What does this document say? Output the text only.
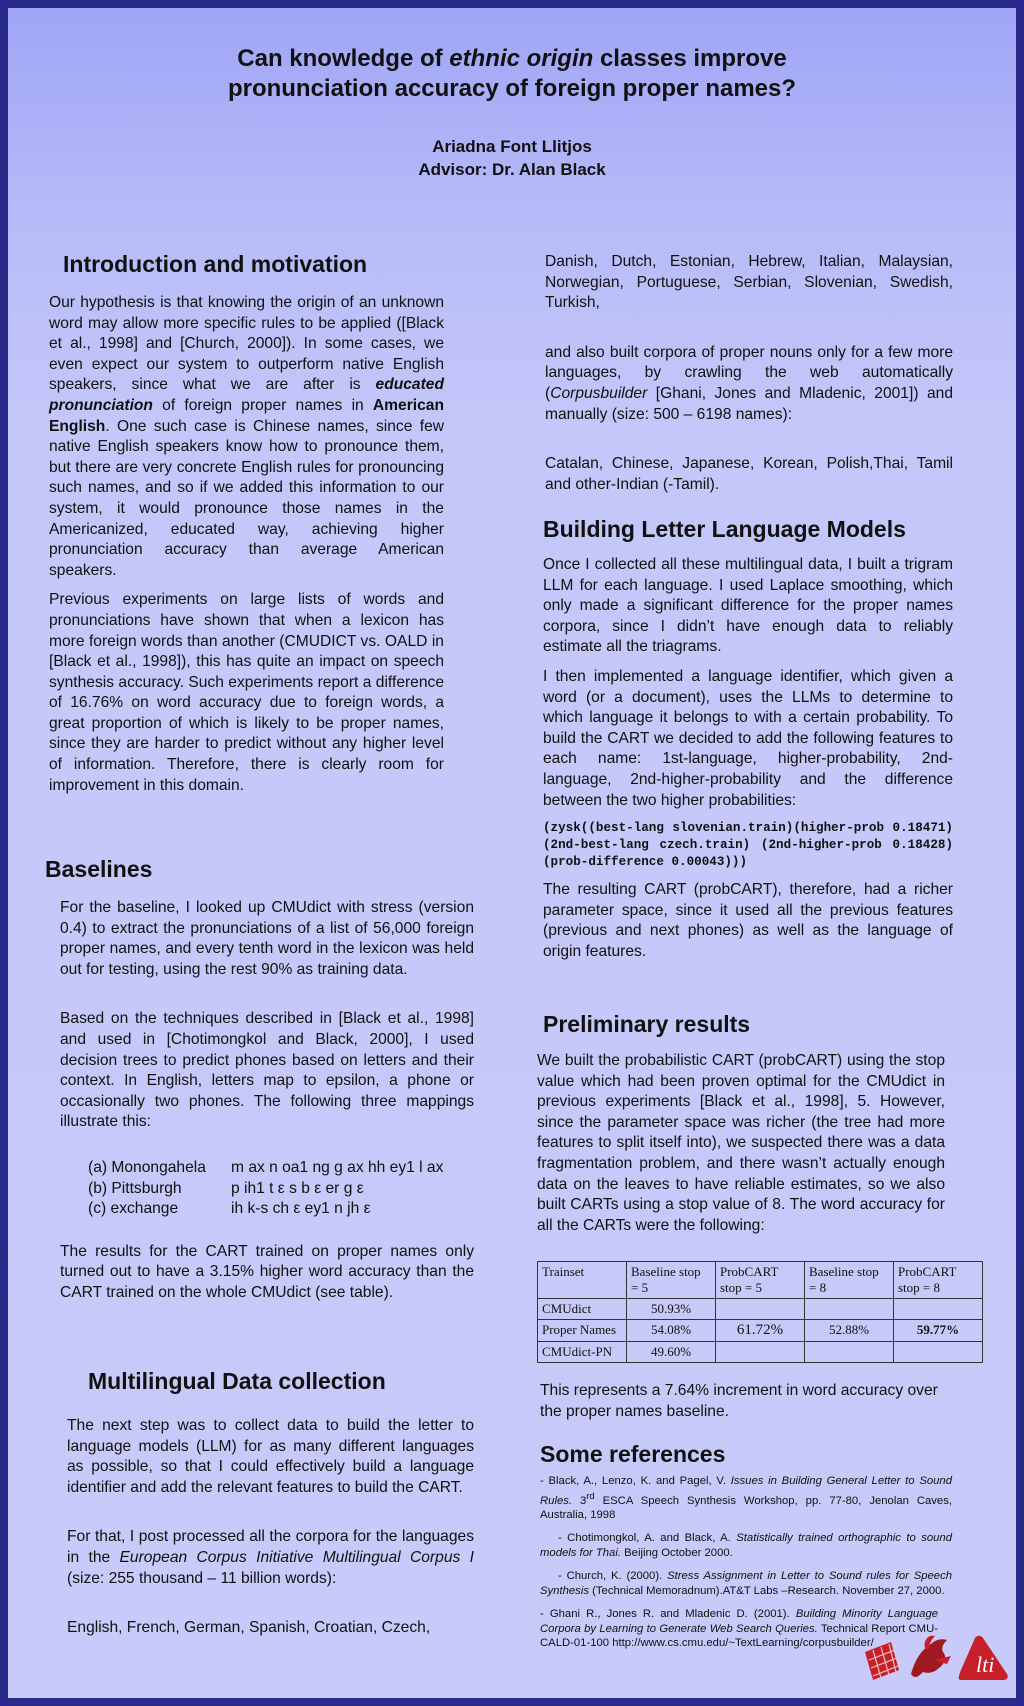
Can knowledge of ethnic origin classes improve
pronunciation accuracy of foreign proper names?
Ariadna Font Llitjos
Advisor: Dr. Alan Black
Introduction and motivation

Our hypothesis is that knowing the origin of an unknown word may allow more specific rules to be applied ([Black et al., 1998] and [Church, 2000]). In some cases, we even expect our system to outperform native English speakers, since what we are after is educated pronunciation of foreign proper names in American English. One such case is Chinese names, since few native English speakers know how to pronounce them, but there are very concrete English rules for pronouncing such names, and so if we added this information to our system, it would pronounce those names in the Americanized, educated way, achieving higher pronunciation accuracy than average American speakers.

Previous experiments on large lists of words and pronunciations have shown that when a lexicon has more foreign words than another (CMUDICT vs. OALD in [Black et al., 1998]), this has quite an impact on speech synthesis accuracy. Such experiments report a difference of 16.76% on word accuracy due to foreign words, a great proportion of which is likely to be proper names, since they are harder to predict without any higher level of information. Therefore, there is clearly room for improvement in this domain.

Baselines

For the baseline, I looked up CMUdict with stress (version 0.4) to extract the pronunciations of a list of 56,000 foreign proper names, and every tenth word in the lexicon was held out for testing, using the rest 90% as training data.

Based on the techniques described in [Black et al., 1998] and used in [Chotimongkol and Black, 2000], I used decision trees to predict phones based on letters and their context. In English, letters map to epsilon, a phone or occasionally two phones. The following three mappings illustrate this:

(a) Monongahela	m ax n oa1 ng g ax hh ey1 l ax
(b) Pittsburgh	p ih1 t ε s b ε er g ε
(c) exchange	ih k-s ch ε ey1 n jh ε

The results for the CART trained on proper names only turned out to have a 3.15% higher word accuracy than the CART trained on the whole CMUdict (see table).

Multilingual Data collection

The next step was to collect data to build the letter to language models (LLM) for as many different languages as possible, so that I could effectively build a language identifier and add the relevant features to build the CART.

For that, I post processed all the corpora for the languages in the European Corpus Initiative Multilingual Corpus I (size: 255 thousand – 11 billion words):

English, French, German, Spanish, Croatian, Czech,

Danish, Dutch, Estonian, Hebrew, Italian, Malaysian, Norwegian, Portuguese, Serbian, Slovenian, Swedish, Turkish,

and also built corpora of proper nouns only for a few more languages, by crawling the web automatically (Corpusbuilder [Ghani, Jones and Mladenic, 2001]) and manually (size: 500 – 6198 names):

Catalan, Chinese, Japanese, Korean, Polish,Thai, Tamil and other-Indian (-Tamil).

Building Letter Language Models

Once I collected all these multilingual data, I built a trigram LLM for each language. I used Laplace smoothing, which only made a significant difference for the proper names corpora, since I didn’t have enough data to reliably estimate all the triagrams.

I then implemented a language identifier, which given a word (or a document), uses the LLMs to determine to which language it belongs to with a certain probability. To build the CART we decided to add the following features to each name: 1st-language, higher-probability, 2nd-language, 2nd-higher-probability and the difference between the two higher probabilities:

(zysk((best-lang slovenian.train)(higher-prob 0.18471) (2nd-best-lang czech.train) (2nd-higher-prob 0.18428)(prob-difference 0.00043)))

The resulting CART (probCART), therefore, had a richer parameter space, since it used all the previous features (previous and next phones) as well as the language of origin features.

Preliminary results

We built the probabilistic CART (probCART) using the stop value which had been proven optimal for the CMUdict in previous experiments [Black et al., 1998], 5. However, since the parameter space was richer (the tree had more features to split itself into), we suspected there was a data fragmentation problem, and there wasn’t actually enough data on the leaves to have reliable estimates, so we also built CARTs using a stop value of 8. The word accuracy for all the CARTs were the following:

Trainset	Baseline stop = 5	ProbCART stop = 5	Baseline stop = 8	ProbCART stop = 8
CMUdict	50.93%			
Proper Names	54.08%	61.72%	52.88%	59.77%
CMUdict-PN	49.60%			

This represents a 7.64% increment in word accuracy over the proper names baseline.

Some references

- Black, A., Lenzo, K. and Pagel, V. Issues in Building General Letter to Sound Rules. 3rd ESCA Speech Synthesis Workshop, pp. 77-80, Jenolan Caves, Australia, 1998

- Chotimongkol, A. and Black, A. Statistically trained orthographic to sound models for Thai. Beijing October 2000.

- Church, K. (2000). Stress Assignment in Letter to Sound rules for Speech Synthesis (Technical Memoradnum).AT&T Labs –Research. November 27, 2000.

- Ghani R., Jones R. and Mladenic D. (2001). Building Minority Language Corpora by Learning to Generate Web Search Queries. Technical Report CMU-CALD-01-100 http://www.cs.cmu.edu/~TextLearning/corpusbuilder/

lti
